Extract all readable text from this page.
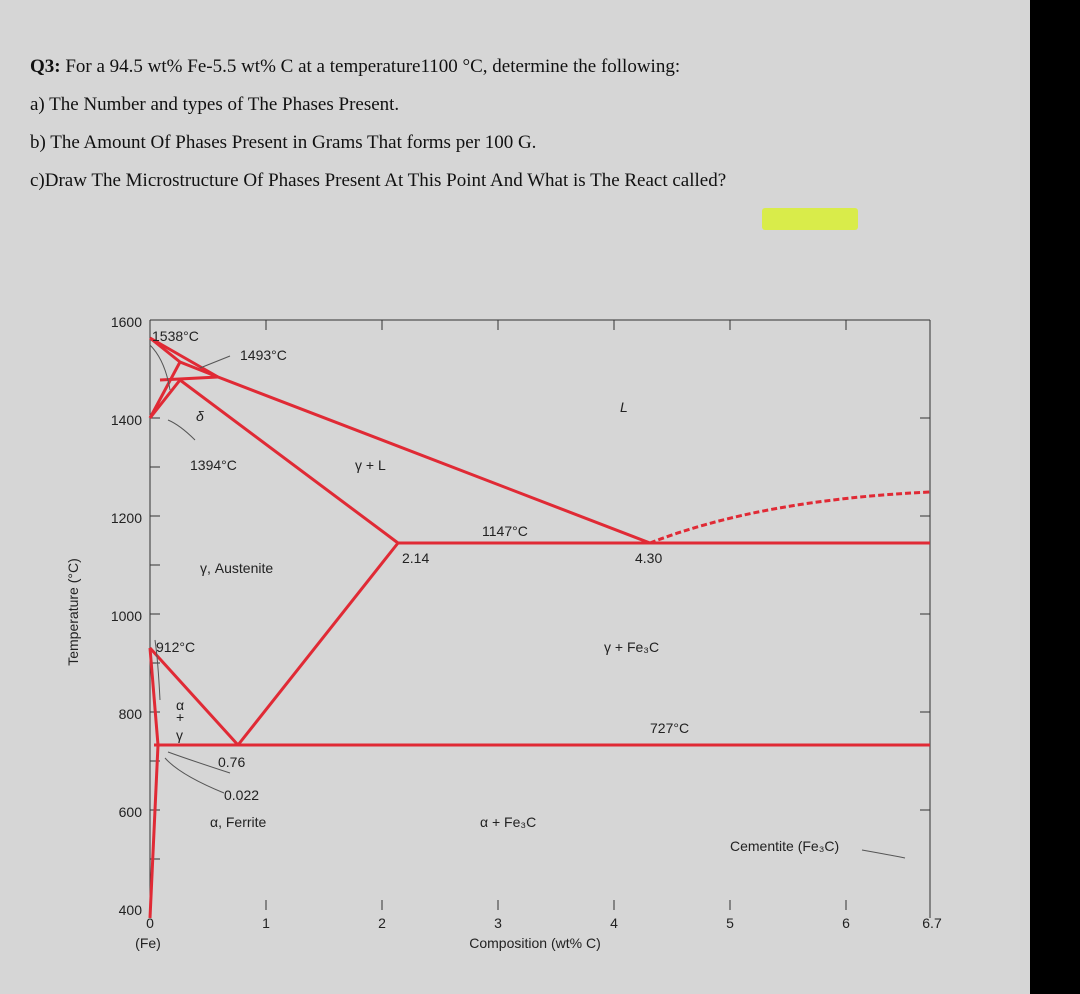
Q3: For a 94.5 wt% Fe-5.5 wt% C at a temperature1100 °C, determine the following:
a) The Number and types of The Phases Present.
b) The Amount Of Phases Present in Grams That forms per 100 G.
c)Draw The Microstructure Of Phases Present At This Point And What is The React called?
1600
1400
1200
1000
800
600
400
0	1	2	3	4	5	6	6.7
(Fe)	Composition (wt% C)
Temperature (°C)
1538°C
1493°C
δ
L
1394°C	γ + L
1147°C
2.14	4.30
γ, Austenite
912°C	γ + Fe₃C
α
+
γ	727°C
0.76
0.022
α, Ferrite	α + Fe₃C
Cementite (Fe₃C)
